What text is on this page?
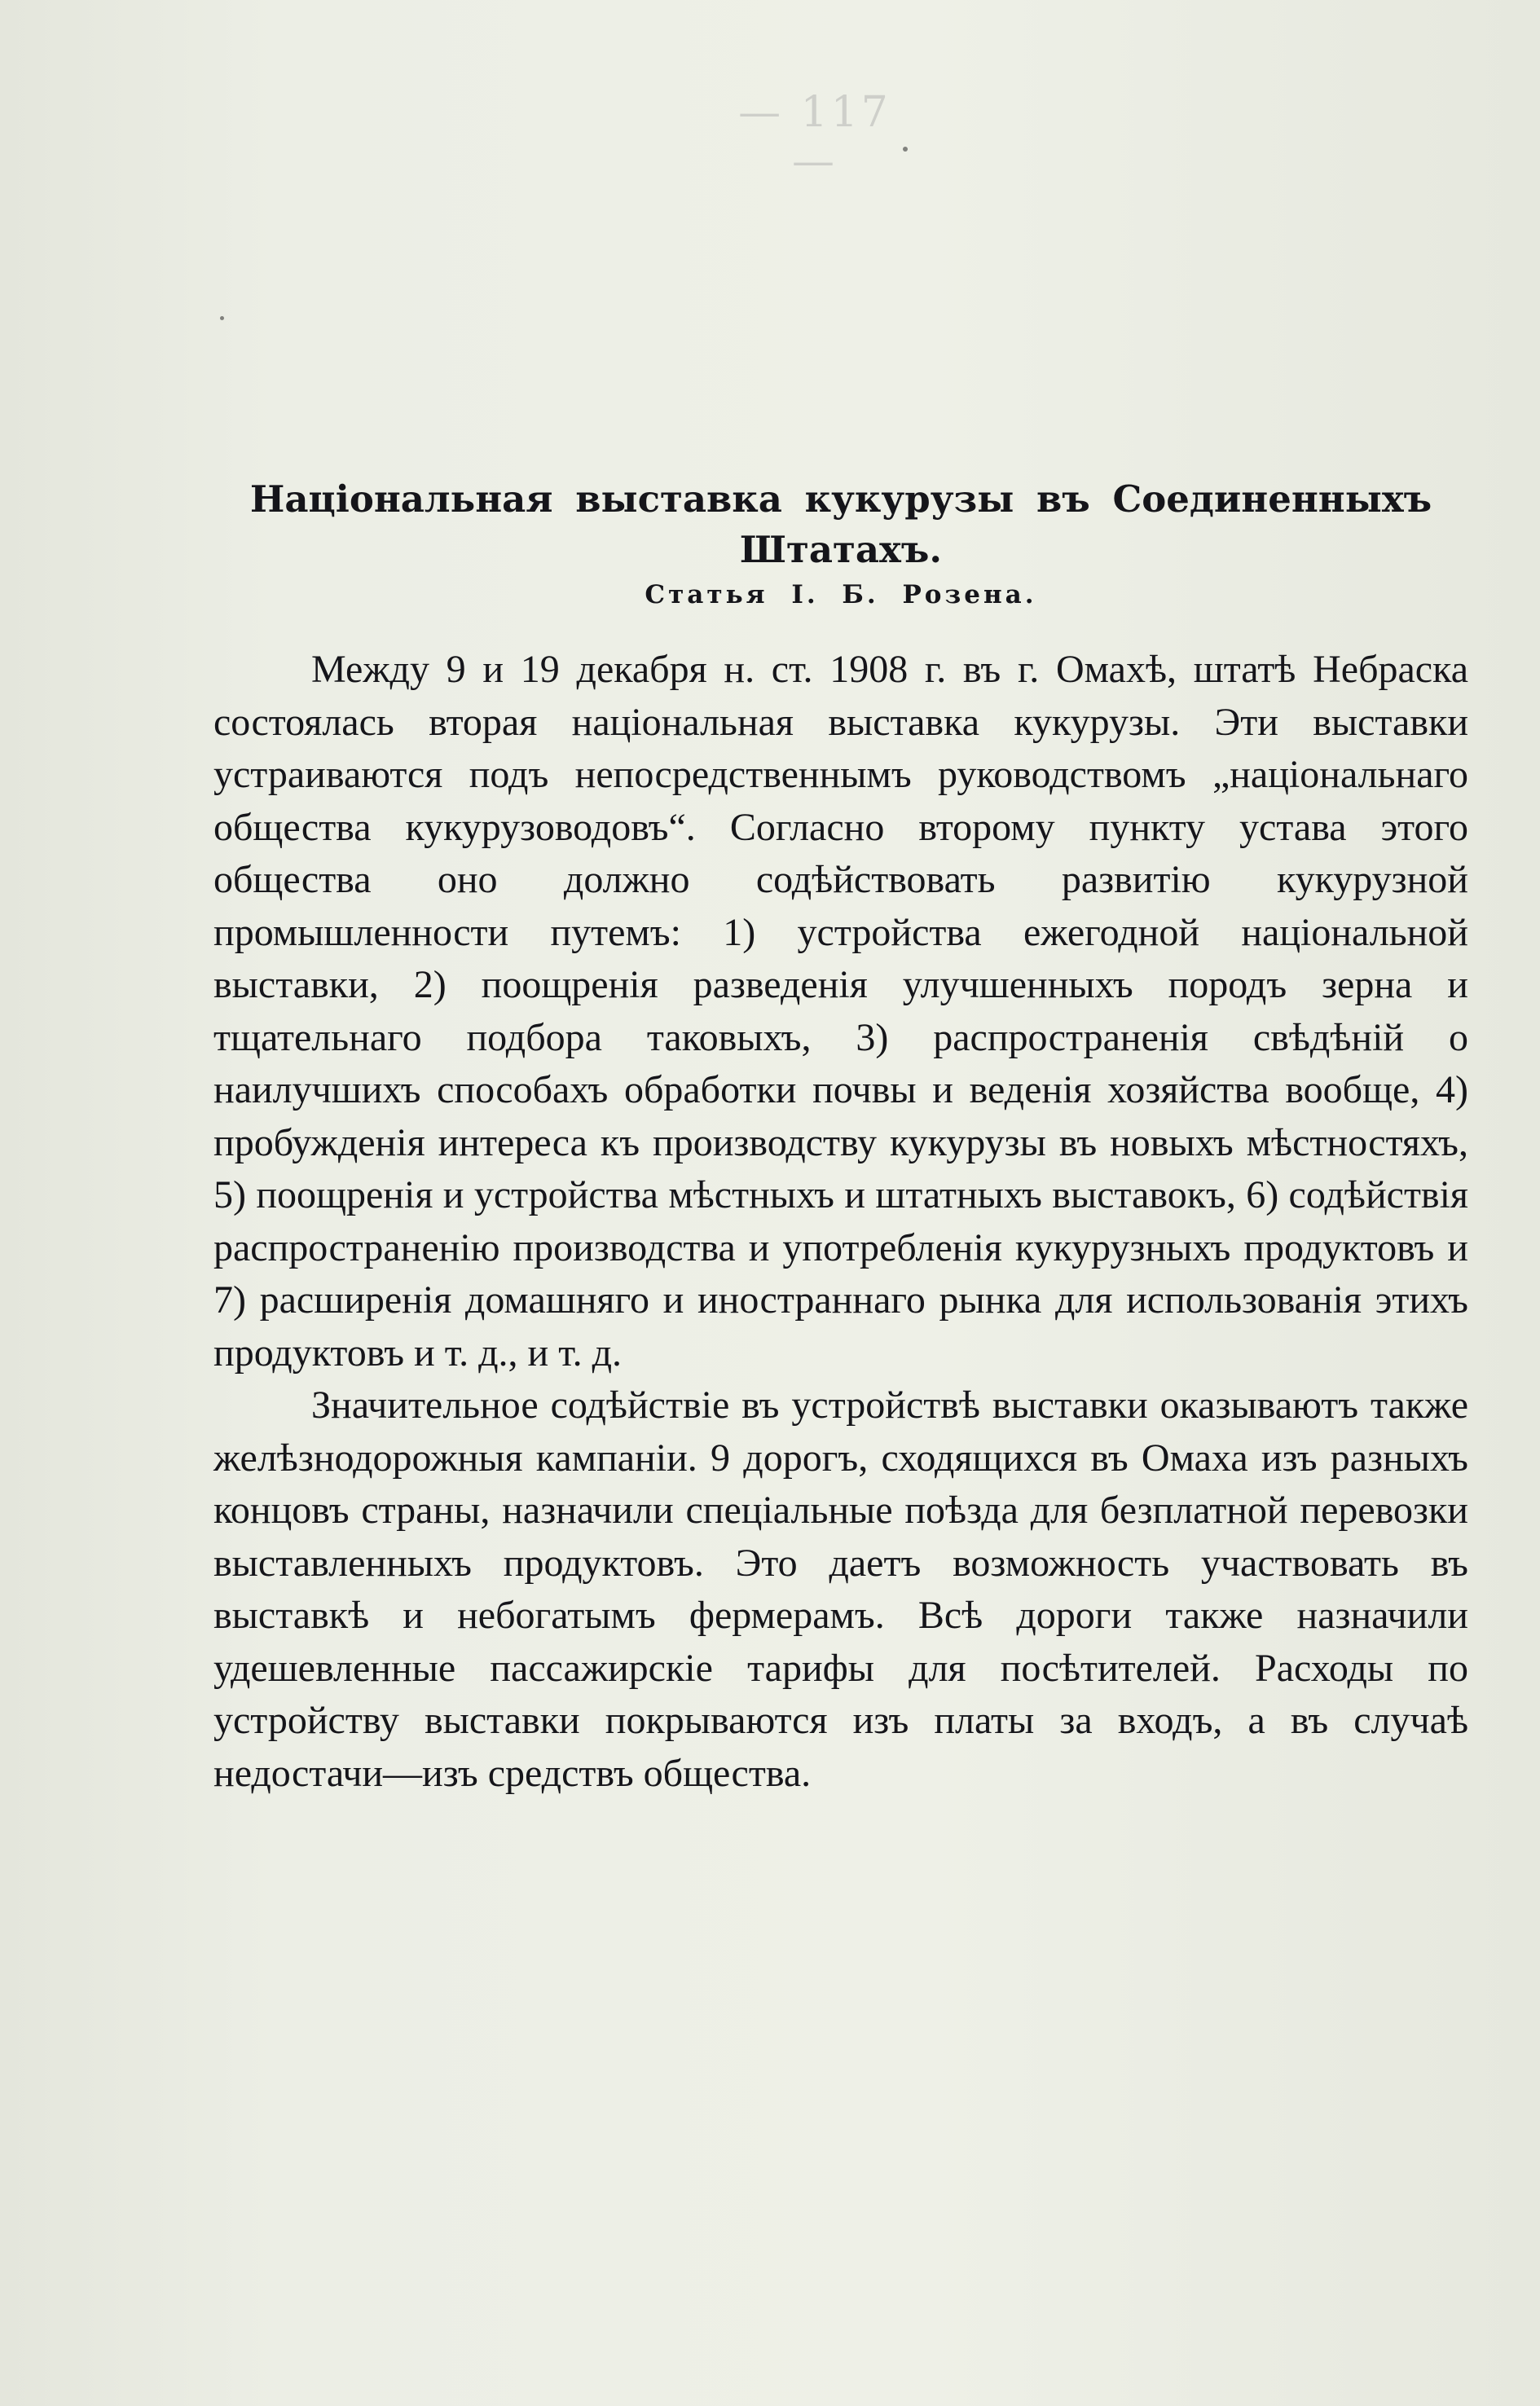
— 117 —
Національная выставка кукурузы въ Соединенныхъ Штатахъ.
Статья I. Б. Розена.

Между 9 и 19 декабря н. ст. 1908 г. въ г. Омахѣ, штатѣ Небраска состоялась вторая національная выставка кукурузы. Эти выставки устраиваются подъ непосредственнымъ руководствомъ „національнаго общества кукурузоводовъ“. Согласно второму пункту устава этого общества оно должно содѣйствовать развитію кукурузной промышленности путемъ: 1) устройства ежегодной національной выставки, 2) поощренія разведенія улучшенныхъ породъ зерна и тщательнаго подбора таковыхъ, 3) распространенія свѣдѣній о наилучшихъ способахъ обработки почвы и веденія хозяйства вообще, 4) пробужденія интереса къ производству кукурузы въ новыхъ мѣстностяхъ, 5) поощренія и устройства мѣстныхъ и штатныхъ выставокъ, 6) содѣйствія распространенію производства и употребленія кукурузныхъ продуктовъ и 7) расширенія домашняго и иностраннаго рынка для использованія этихъ продуктовъ и т. д., и т. д.

Значительное содѣйствіе въ устройствѣ выставки оказываютъ также желѣзнодорожныя кампаніи. 9 дорогъ, сходящихся въ Омаха изъ разныхъ концовъ страны, назначили спеціальные поѣзда для безплатной перевозки выставленныхъ продуктовъ. Это даетъ возможность участвовать въ выставкѣ и небогатымъ фермерамъ. Всѣ дороги также назначили удешевленные пассажирскіе тарифы для посѣтителей. Расходы по устройству выставки покрываются изъ платы за входъ, а въ случаѣ недостачи—изъ средствъ общества.
